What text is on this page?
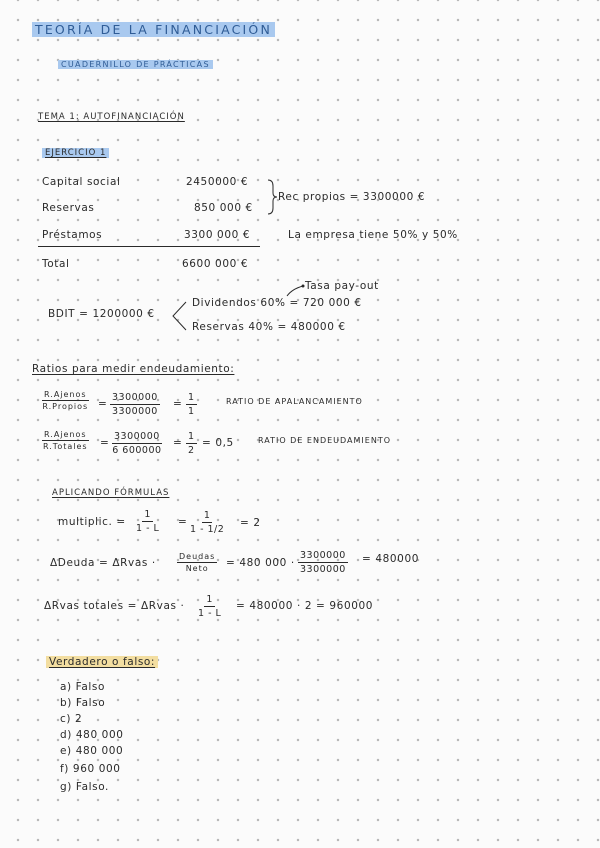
TEORÍA DE LA FINANCIACIÓN
CUADERNILLO DE PRÁCTICAS
TEMA 1: AUTOFINANCIACIÓN
EJERCICIO 1
Capital social	2450000 €
Reservas	850 000 €
Rec propios = 3300000 €
Préstamos	3300 000 €	La empresa tiene 50% y 50%
Total	6600 000 €
Tasa pay-out
BDIT = 1200000 €
Dividendos 60% = 720 000 €
Reservas 40% = 480000 €
Ratios para medir endeudamiento:
R.Ajenos
R.Propios = $\frac{3300000}{3300000} = \frac{1}{1}$	RATIO DE APALANCAMIENTO
R.Ajenos
R.Totales = $\frac{3300000}{6 600000} = \frac{1}{2} = 0,5$	RATIO DE ENDEUDAMIENTO
APLICANDO FÓRMULAS
multiplic. = $\frac{1}{1 - L} = \frac{1}{1 - 1/2} = 2$
ΔDeuda = ΔRvas ·
Deudas
Neto = 480 $000 \cdot \frac{3300000}{3300000} = 480000$
ΔRvas totales = ΔRvas · $\frac{1}{1 - L} = 480000 \cdot 2 = 960000$
Verdadero o falso:
a) Falso
b) Falso
c) 2
d) 480 000
e) 480 000
f) 960 000
g) Falso.
